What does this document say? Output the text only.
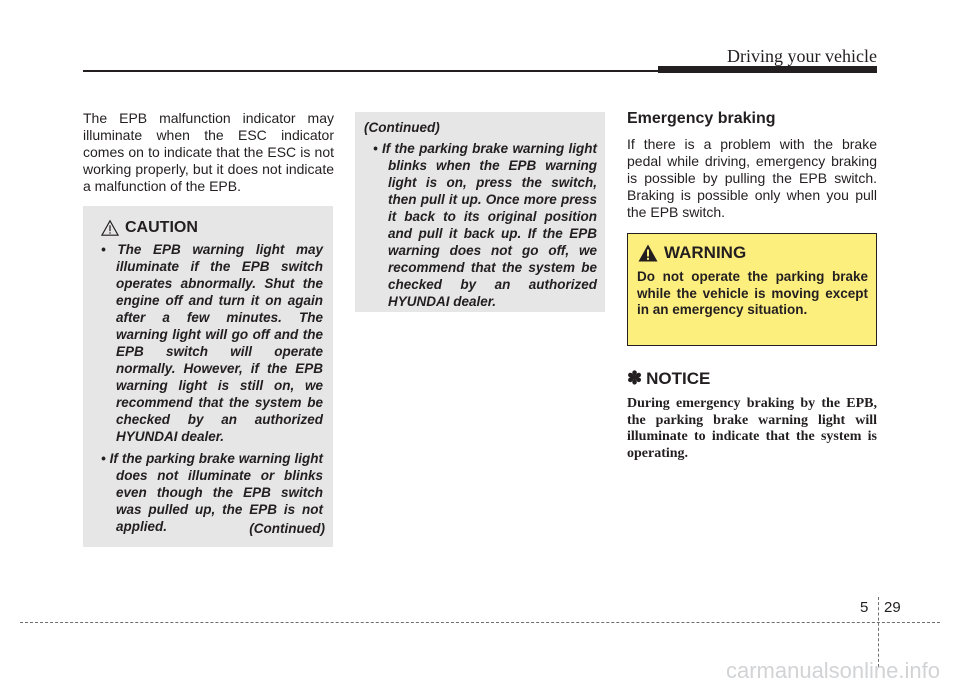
Driving your vehicle
The EPB malfunction indicator may illuminate when the ESC indicator comes on to indicate that the ESC is not working properly, but it does not indicate a malfunction of the EPB.
CAUTION
• The EPB warning light may illuminate if the EPB switch operates abnormally. Shut the engine off and turn it on again after a few minutes. The warning light will go off and the EPB switch will operate normally. However, if the EPB warning light is still on, we recommend that the system be checked by an authorized HYUNDAI dealer.
• If the parking brake warning light does not illuminate or blinks even though the EPB switch was pulled up, the EPB is not applied.	(Continued)
(Continued)
• If the parking brake warning light blinks when the EPB warning light is on, press the switch, then pull it up. Once more press it back to its original position and pull it back up. If the EPB warning does not go off, we recommend that the system be checked by an authorized HYUNDAI dealer.
Emergency braking
If there is a problem with the brake pedal while driving, emergency braking is possible by pulling the EPB switch. Braking is possible only when you pull the EPB switch.
WARNING
Do not operate the parking brake while the vehicle is moving except in an emergency situation.
✽ NOTICE
During emergency braking by the EPB, the parking brake warning light will illuminate to indicate that the system is operating.
5 29
carmanualsonline.info
